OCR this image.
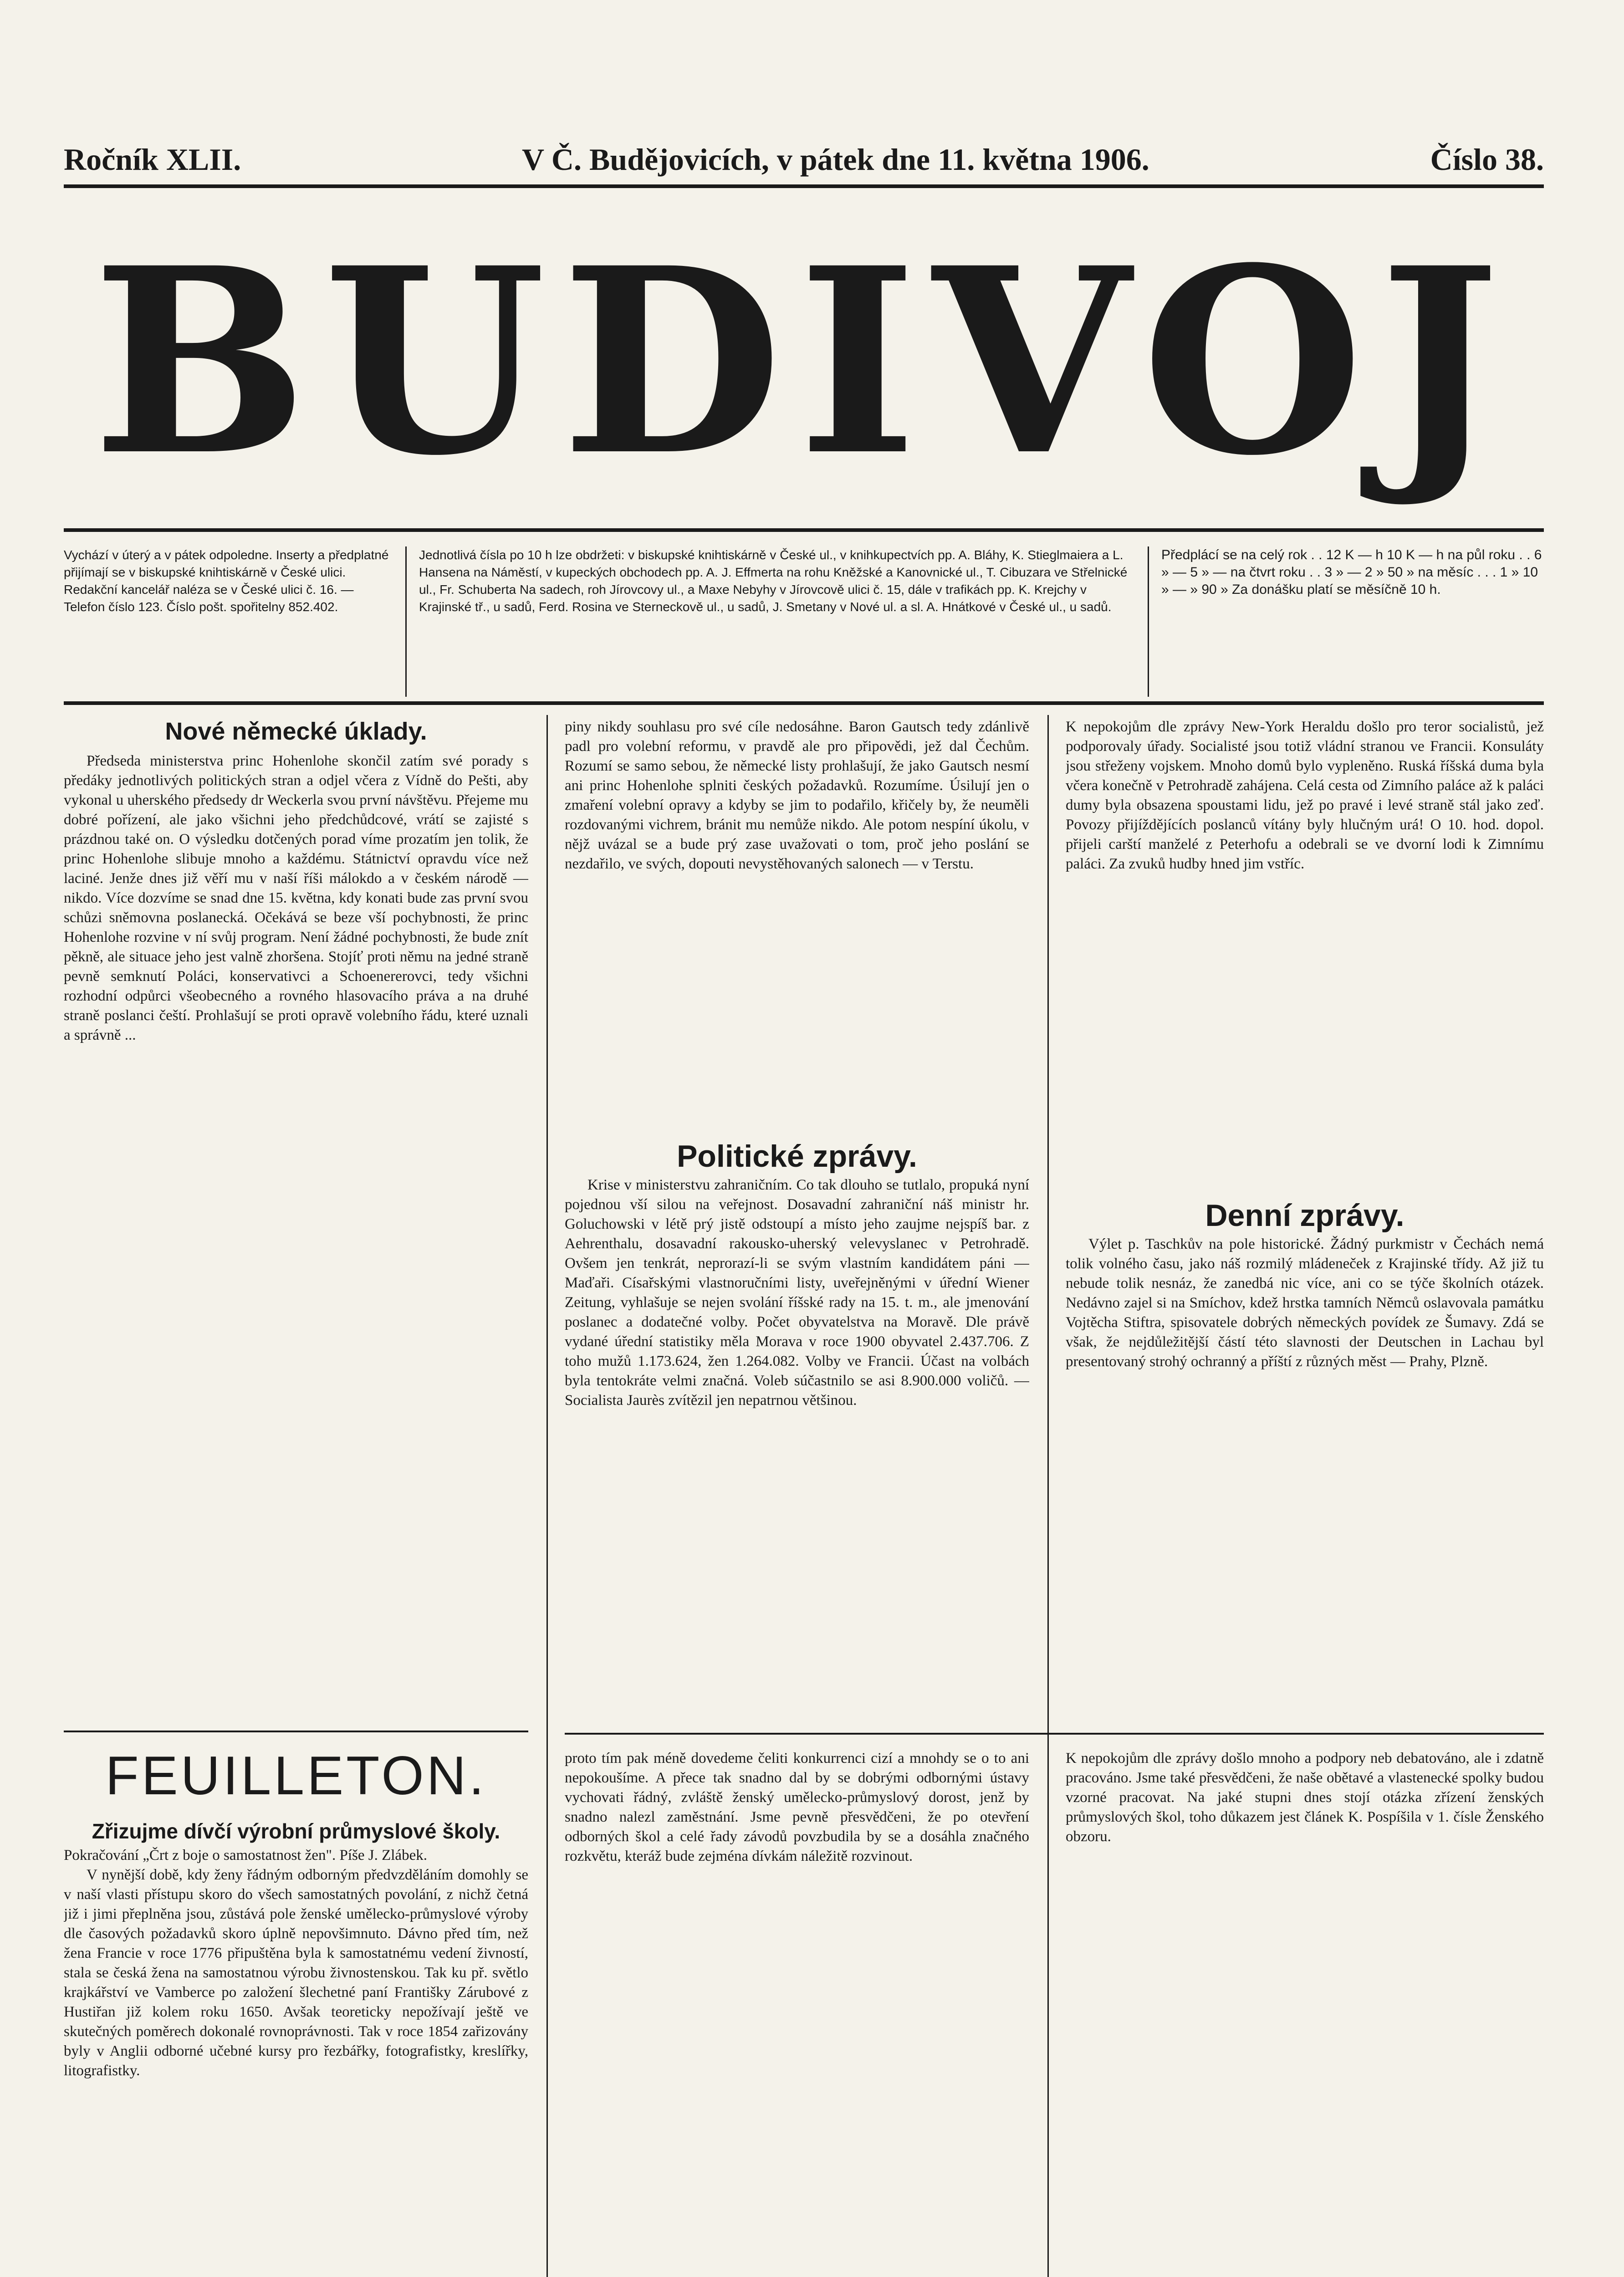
Ročník XLII.	V Č. Budějovicích, v pátek dne 11. května 1906.	Číslo 38.
BUDIVOJ
Vychází v úterý a v pátek odpoledne. Inserty a předplatné přijímají se v biskupské knihtiskárně v České ulici. Redakční kancelář naléza se v České ulici č. 16. — Telefon číslo 123. Číslo pošt. spořitelny 852.402.
Jednotlivá čísla po 10 h lze obdržeti: v biskupské knihtiskárně v České ul., v knihkupectvích pp. A. Bláhy, K. Stieglmaiera a L. Hansena na Náměstí, v kupeckých obchodech pp. A. J. Effmerta na rohu Kněžské a Kanovnické ul., T. Cibuzara ve Střelnické ul., Fr. Schuberta Na sadech, roh Jírovcovy ul., a Maxe Nebyhy v Jírovcově ulici č. 15, dále v trafikách pp. K. Krejchy v Krajinské tř., u sadů, Ferd. Rosina ve Sterneckově ul., u sadů, J. Smetany v Nové ul. a sl. A. Hnátkové v České ul., u sadů.
Předplácí se na celý rok . . 12 K — h 10 K — h na půl roku . . 6 » — 5 » — na čtvrt roku . . 3 » — 2 » 50 » na měsíc . . . 1 » 10 » — » 90 » Za donášku platí se měsíčně 10 h.
Nové německé úklady.

Předseda ministerstva princ Hohenlohe skončil zatím své porady s předáky jednotlivých politických stran a odjel včera z Vídně do Pešti, aby vykonal u uherského předsedy dr Weckerla svou první návštěvu. Přejeme mu dobré pořízení, ale jako všichni jeho předchůdcové, vrátí se zajisté s prázdnou také on. O výsledku dotčených porad víme prozatím jen tolik, že princ Hohenlohe slibuje mnoho a každému. Státnictví opravdu více než laciné. Jenže dnes již věří mu v naší říši málokdo a v českém národě — nikdo. Více dozvíme se snad dne 15. května, kdy konati bude zas první svou schůzi sněmovna poslanecká. Očekává se beze vší pochybnosti, že princ Hohenlohe rozvine v ní svůj program. Není žádné pochybnosti, že bude znít pěkně, ale situace jeho jest valně zhoršena. Stojíť proti němu na jedné straně pevně semknutí Poláci, konservativci a Schoenererovci, tedy všichni rozhodní odpůrci všeobecného a rovného hlasovacího práva a na druhé straně poslanci čeští. Prohlašují se proti opravě volebního řádu, které uznali a správně ...

FEUILLETON.
Zřizujme dívčí výrobní průmyslové školy.

Pokračování „Črt z boje o samostatnost žen". Píše J. Zlábek.

V nynější době, kdy ženy řádným odborným předvzděláním domohly se v naší vlasti přístupu skoro do všech samostatných povolání, z nichž četná již i jimi přeplněna jsou, zůstává pole ženské umělecko-průmyslové výroby dle časových požadavků skoro úplně nepovšimnuto. Dávno před tím, než žena Francie v roce 1776 připuštěna byla k samostatnému vedení živností, stala se česká žena na samostatnou výrobu živnostenskou. Tak ku př. světlo krajkářství ve Vamberce po založení šlechetné paní Františky Zárubové z Hustiřan již kolem roku 1650. Avšak teoreticky nepožívají ještě ve skutečných poměrech dokonalé rovnoprávnosti. Tak v roce 1854 zařizovány byly v Anglii odborné učebné kursy pro řezbářky, fotografistky, kreslířky, litografistky.

piny nikdy souhlasu pro své cíle nedosáhne. Baron Gautsch tedy zdánlivě padl pro volební reformu, v pravdě ale pro připovědi, jež dal Čechům. Rozumí se samo sebou, že německé listy prohlašují, že jako Gautsch nesmí ani princ Hohenlohe splniti českých požadavků. Rozumíme. Úsilují jen o zmaření volební opravy a kdyby se jim to podařilo, křičely by, že neuměli rozdovanými vichrem, bránit mu nemůže nikdo. Ale potom nespíní úkolu, v nějž uvázal se a bude prý zase uvažovati o tom, proč jeho poslání se nezdařilo, ve svých, dopouti nevystěhovaných salonech — v Terstu.

Politické zprávy.

Krise v ministerstvu zahraničním. Co tak dlouho se tutlalo, propuká nyní pojednou vší silou na veřejnost. Dosavadní zahraniční náš ministr hr. Goluchowski v létě prý jistě odstoupí a místo jeho zaujme nejspíš bar. z Aehrenthalu, dosavadní rakousko-uherský velevyslanec v Petrohradě. Ovšem jen tenkrát, neprorazí-li se svým vlastním kandidátem páni — Maďaři. Císařskými vlastnoručními listy, uveřejněnými v úřední Wiener Zeitung, vyhlašuje se nejen svolání říšské rady na 15. t. m., ale jmenování poslanec a dodatečné volby. Počet obyvatelstva na Moravě. Dle právě vydané úřední statistiky měla Morava v roce 1900 obyvatel 2.437.706. Z toho mužů 1.173.624, žen 1.264.082. Volby ve Francii. Účast na volbách byla tentokráte velmi značná. Voleb súčastnilo se asi 8.900.000 voličů. — Socialista Jaurès zvítězil jen nepatrnou většinou.

proto tím pak méně dovedeme čeliti konkurrenci cizí a mnohdy se o to ani nepokoušíme. A přece tak snadno dal by se dobrými odbornými ústavy vychovati řádný, zvláště ženský umělecko-průmyslový dorost, jenž by snadno nalezl zaměstnání. Jsme pevně přesvědčeni, že po otevření odborných škol a celé řady závodů povzbudila by se a dosáhla značného rozkvětu, kteráž bude zejména dívkám náležitě rozvinout.

K nepokojům dle zprávy New-York Heraldu došlo pro teror socialistů, jež podporovaly úřady. Socialisté jsou totiž vládní stranou ve Francii. Konsuláty jsou střeženy vojskem. Mnoho domů bylo vypleněno. Ruská říšská duma byla včera konečně v Petrohradě zahájena. Celá cesta od Zimního paláce až k paláci dumy byla obsazena spoustami lidu, jež po pravé i levé straně stál jako zeď. Povozy přijíždějících poslanců vítány byly hlučným urá! O 10. hod. dopol. přijeli carští manželé z Peterhofu a odebrali se ve dvorní lodi k Zimnímu paláci. Za zvuků hudby hned jim vstříc.

Denní zprávy.

Výlet p. Taschkův na pole historické. Žádný purkmistr v Čechách nemá tolik volného času, jako náš rozmilý mládeneček z Krajinské třídy. Až již tu nebude tolik nesnáz, že zanedbá nic více, ani co se týče školních otázek. Nedávno zajel si na Smíchov, kdež hrstka tamních Němců oslavovala památku Vojtěcha Stiftra, spisovatele dobrých německých povídek ze Šumavy. Zdá se však, že nejdůležitější částí této slavnosti der Deutschen in Lachau byl presentovaný strohý ochranný a příští z různých měst — Prahy, Plzně.

K nepokojům dle zprávy došlo mnoho a podpory neb debatováno, ale i zdatně pracováno. Jsme také přesvědčeni, že naše obětavé a vlastenecké spolky budou vzorné pracovat. Na jaké stupni dnes stojí otázka zřízení ženských průmyslových škol, toho důkazem jest článek K. Pospíšila v 1. čísle Ženského obzoru.
